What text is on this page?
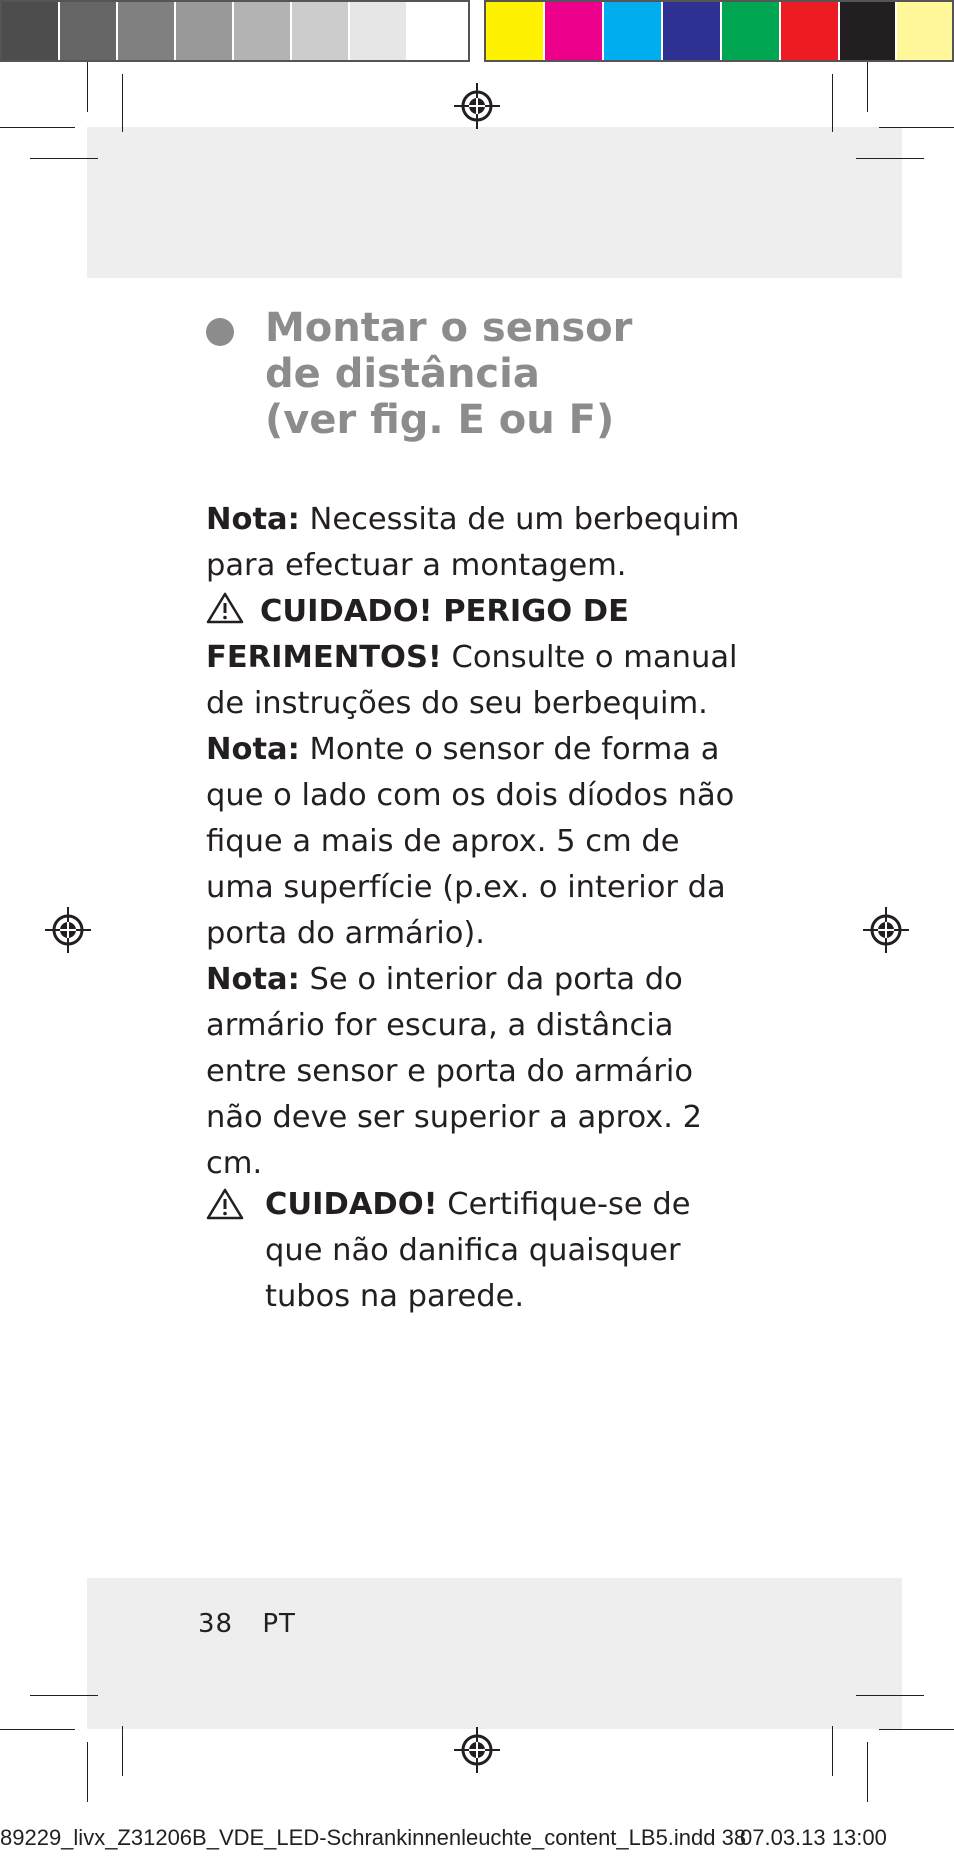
Montar o sensor
de distância
(ver fig. E ou F)

Nota: Necessita de um berbequim para efectuar a montagem.

CUIDADO! PERIGO DE FERIMENTOS! Consulte o manual de instruções do seu berbequim.

Nota: Monte o sensor de forma a que o lado com os dois díodos não fique a mais de aprox. 5 cm de uma superfície (p.ex. o interior da porta do armário).

Nota: Se o interior da porta do armário for escura, a distância entre sensor e porta do armário não deve ser superior a aprox. 2 cm.

CUIDADO! Certifique-se de que não danifica quaisquer tubos na parede.
38 PT
89229_livx_Z31206B_VDE_LED-Schrankinnenleuchte_content_LB5.indd 38
07.03.13 13:00
